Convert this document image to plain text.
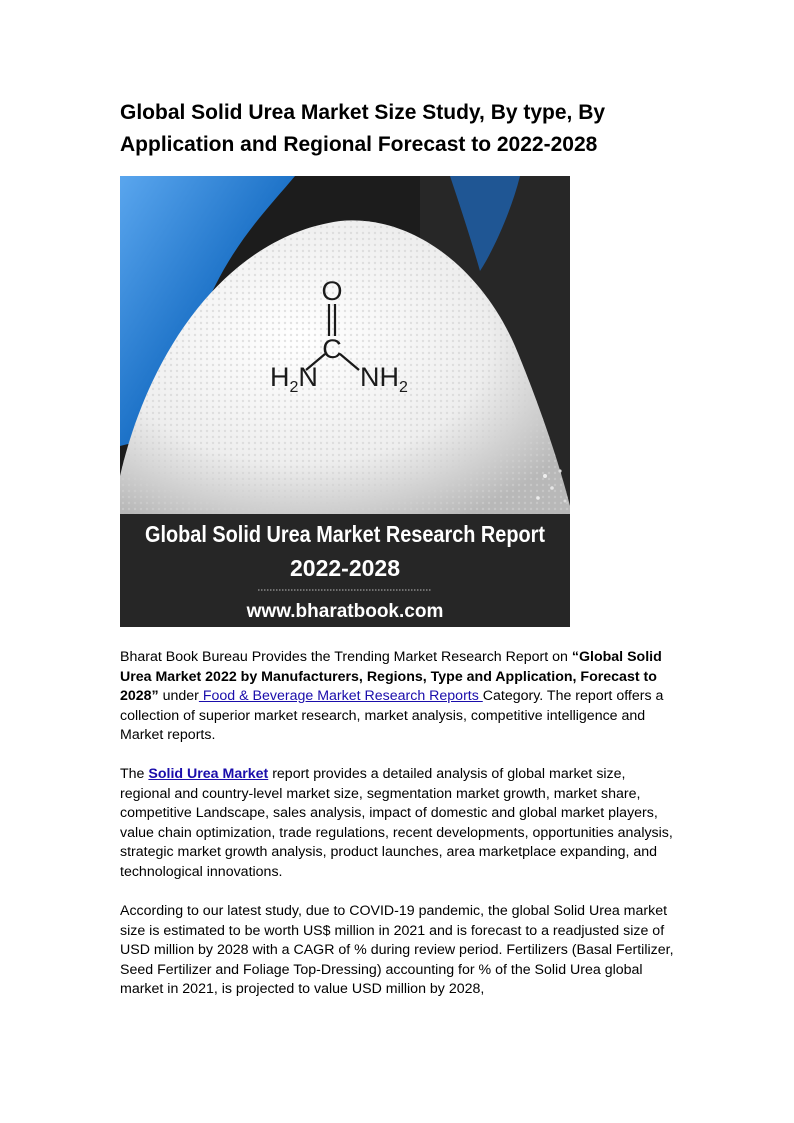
Global Solid Urea Market Size Study, By type, By Application and Regional Forecast to 2022-2028
O
C
$H_2N$ $NH_2$
Global Solid Urea Market Research Report
2022-2028
www.bharatbook.com

Bharat Book Bureau Provides the Trending Market Research Report on “Global Solid Urea Market 2022 by Manufacturers, Regions, Type and Application, Forecast to 2028” under Food & Beverage Market Research Reports Category. The report offers a collection of superior market research, market analysis, competitive intelligence and Market reports.

The Solid Urea Market report provides a detailed analysis of global market size, regional and country-level market size, segmentation market growth, market share, competitive Landscape, sales analysis, impact of domestic and global market players, value chain optimization, trade regulations, recent developments, opportunities analysis, strategic market growth analysis, product launches, area marketplace expanding, and technological innovations.

According to our latest study, due to COVID-19 pandemic, the global Solid Urea market size is estimated to be worth US$ million in 2021 and is forecast to a readjusted size of USD million by 2028 with a CAGR of % during review period. Fertilizers (Basal Fertilizer, Seed Fertilizer and Foliage Top-Dressing) accounting for % of the Solid Urea global market in 2021, is projected to value USD million by 2028,
